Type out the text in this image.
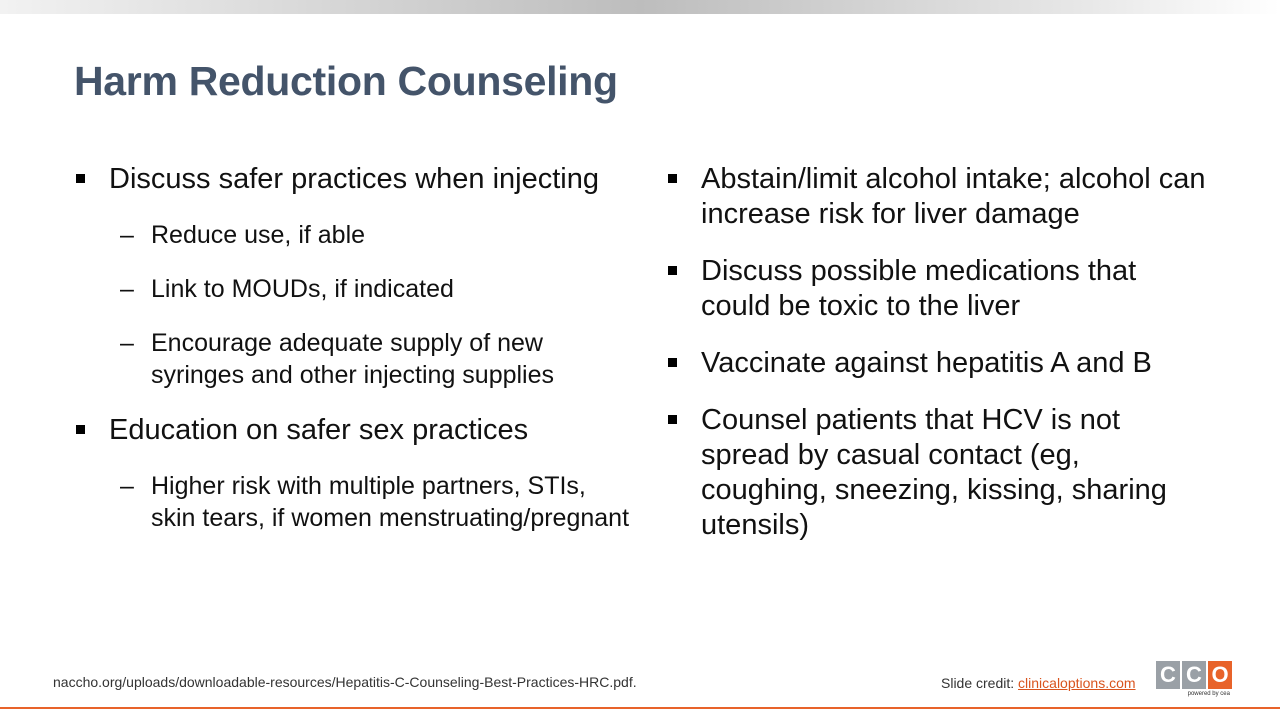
Harm Reduction Counseling
Discuss safer practices when injecting
– Reduce use, if able
– Link to MOUDs, if indicated
– Encourage adequate supply of new syringes and other injecting supplies
Education on safer sex practices
– Higher risk with multiple partners, STIs, skin tears, if women menstruating/pregnant
Abstain/limit alcohol intake; alcohol can increase risk for liver damage
Discuss possible medications that could be toxic to the liver
Vaccinate against hepatitis A and B
Counsel patients that HCV is not spread by casual contact (eg, coughing, sneezing, kissing, sharing utensils)
naccho.org/uploads/downloadable-resources/Hepatitis-C-Counseling-Best-Practices-HRC.pdf.	Slide credit: clinicaloptions.com C C O
powered by cea
